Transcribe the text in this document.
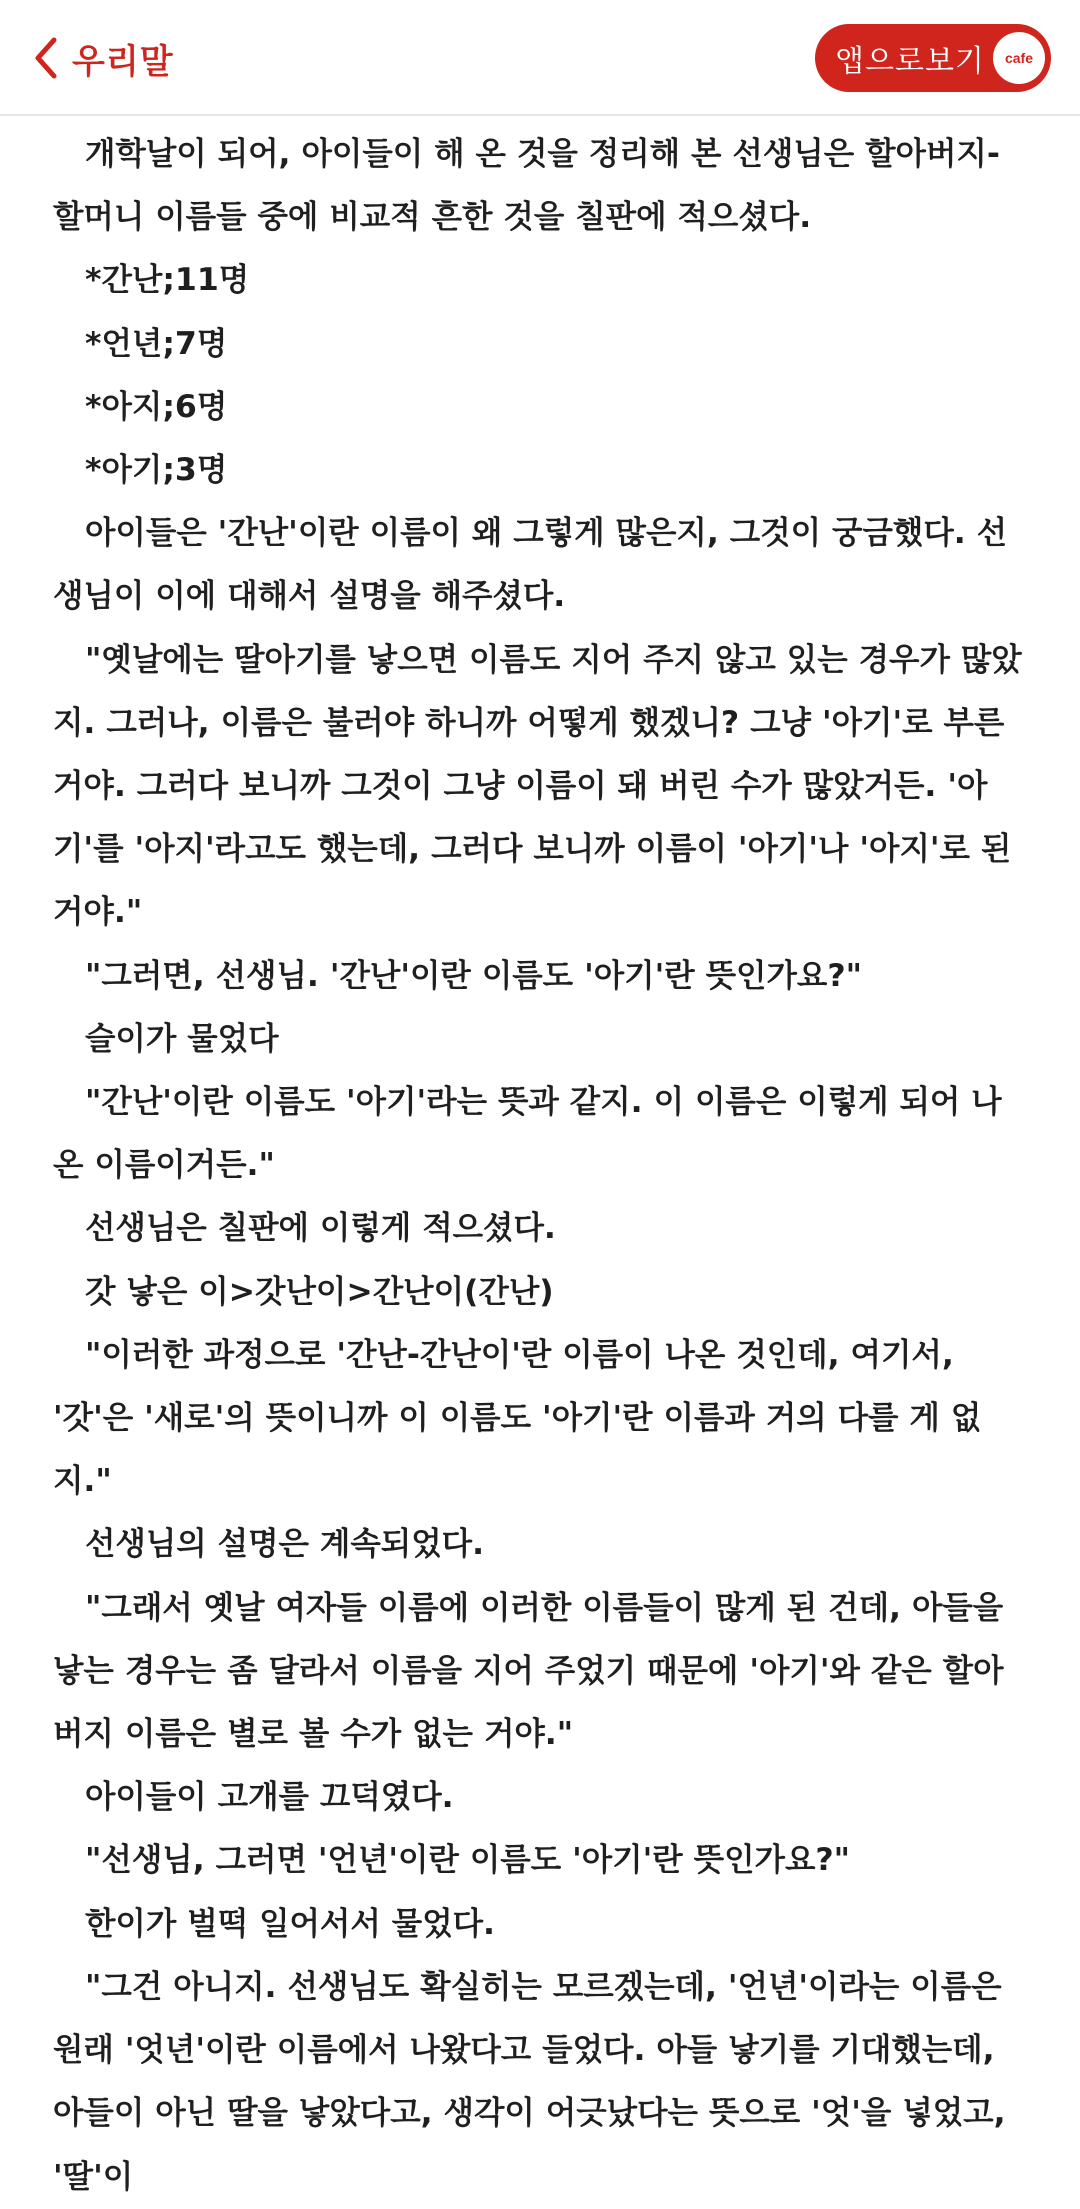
우리말	앱으로보기	cafe

개학날이 되어, 아이들이 해 온 것을 정리해 본 선생님은 할아버지-할머니 이름들 중에 비교적 흔한 것을 칠판에 적으셨다.

*간난;11명

*언년;7명

*아지;6명

*아기;3명

아이들은 '간난'이란 이름이 왜 그렇게 많은지, 그것이 궁금했다. 선생님이 이에 대해서 설명을 해주셨다.

"옛날에는 딸아기를 낳으면 이름도 지어 주지 않고 있는 경우가 많았지. 그러나, 이름은 불러야 하니까 어떻게 했겠니? 그냥 '아기'로 부른 거야. 그러다 보니까 그것이 그냥 이름이 돼 버린 수가 많았거든. '아기'를 '아지'라고도 했는데, 그러다 보니까 이름이 '아기'나 '아지'로 된 거야."

"그러면, 선생님. '간난'이란 이름도 '아기'란 뜻인가요?"

슬이가 물었다

"간난'이란 이름도 '아기'라는 뜻과 같지. 이 이름은 이렇게 되어 나온 이름이거든."

선생님은 칠판에 이렇게 적으셨다.

갓 낳은 이>갓난이>간난이(간난)

"이러한 과정으로 '간난-간난이'란 이름이 나온 것인데, 여기서, '갓'은 '새로'의 뜻이니까 이 이름도 '아기'란 이름과 거의 다를 게 없지."

선생님의 설명은 계속되었다.

"그래서 옛날 여자들 이름에 이러한 이름들이 많게 된 건데, 아들을 낳는 경우는 좀 달라서 이름을 지어 주었기 때문에 '아기'와 같은 할아버지 이름은 별로 볼 수가 없는 거야."

아이들이 고개를 끄덕였다.

"선생님, 그러면 '언년'이란 이름도 '아기'란 뜻인가요?"

한이가 벌떡 일어서서 물었다.

"그건 아니지. 선생님도 확실히는 모르겠는데, '언년'이라는 이름은 원래 '엇년'이란 이름에서 나왔다고 들었다. 아들 낳기를 기대했는데, 아들이 아닌 딸을 낳았다고, 생각이 어긋났다는 뜻으로 '엇'을 넣었고, '딸'이
